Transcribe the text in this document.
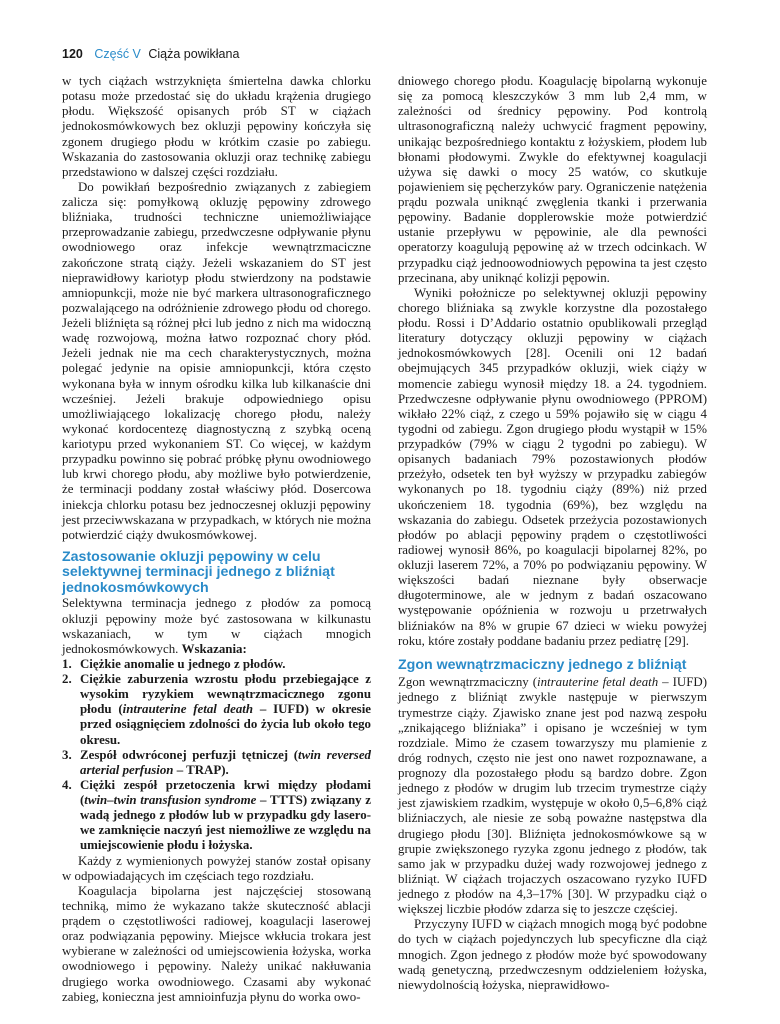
120 Część V Ciąża powikłana

w tych ciążach wstrzyknięta śmiertelna dawka chlorku potasu może przedostać się do układu krążenia drugiego płodu. Większość opisanych prób ST w ciążach jednokosmówkowych bez okluzji pępowiny kończyła się zgonem drugiego płodu w krótkim czasie po zabiegu. Wskazania do zastosowania okluzji oraz technikę zabiegu przedstawiono w dalszej części rozdziału.

Do powikłań bezpośrednio związanych z zabiegiem zalicza się: pomyłkową okluzję pępowiny zdrowego bliźniaka, trudności techniczne uniemożliwiające przeprowadzanie zabiegu, przedwczesne odpływanie płynu owodniowego oraz infekcje wewnątrzmaciczne zakończone stratą ciąży. Jeżeli wskazaniem do ST jest nieprawidłowy kariotyp płodu stwierdzony na podstawie amniopunkcji, może nie być markera ultrasonograficznego pozwalającego na odróżnienie zdrowego płodu od chorego. Jeżeli bliźnięta są różnej płci lub jedno z nich ma widoczną wadę rozwojową, można łatwo rozpoznać chory płód. Jeżeli jednak nie ma cech charakterystycznych, można polegać jedynie na opisie amniopunkcji, która często wykonana była w innym ośrodku kilka lub kilkanaście dni wcześniej. Jeżeli brakuje odpowiedniego opisu umożliwiającego lokalizację chorego płodu, należy wykonać kordocentezę diagnostyczną z szybką oceną kariotypu przed wykonaniem ST. Co więcej, w każdym przypadku powinno się pobrać próbkę płynu owodniowego lub krwi chorego płodu, aby możliwe było potwierdzenie, że terminacji poddany został właściwy płód. Dosercowa iniekcja chlorku potasu bez jednoczesnej okluzji pępowiny jest przeciwwskazana w przypadkach, w których nie można potwierdzić ciąży dwukosmówkowej.

Zastosowanie okluzji pępowiny w celu selektywnej terminacji jednego z bliźniąt jednokosmówkowych

Selektywna terminacja jednego z płodów za pomocą okluzji pępowiny może być zastosowana w kilkunastu wskazaniach, w tym w ciążach mnogich jednokosmówkowych. Wskazania:

1. Ciężkie anomalie u jednego z płodów.
2. Ciężkie zaburzenia wzrostu płodu przebiegające z wysokim ryzykiem wewnątrzmacicznego zgonu płodu (intrauterine fetal death – IUFD) w okresie przed osiągnięciem zdolności do życia lub około tego okresu.
3. Zespół odwróconej perfuzji tętniczej (twin reversed arterial perfusion – TRAP).
4. Ciężki zespół przetoczenia krwi między płodami (twin–twin transfusion syndrome – TTTS) związany z wadą jednego z płodów lub w przypadku gdy laserowe zamknięcie naczyń jest niemożliwe ze względu na umiejscowienie płodu i łożyska.

Każdy z wymienionych powyżej stanów został opisany w odpowiadających im częściach tego rozdziału.

Koagulacja bipolarna jest najczęściej stosowaną techniką, mimo że wykazano także skuteczność ablacji prądem o częstotliwości radiowej, koagulacji laserowej oraz podwiązania pępowiny. Miejsce wkłucia trokara jest wybierane w zależności od umiejscowienia łożyska, worka owodniowego i pępowiny. Należy unikać nakłuwania drugiego worka owodniowego. Czasami aby wykonać zabieg, konieczna jest amnioinfuzja płynu do worka owo-

dniowego chorego płodu. Koagulację bipolarną wykonuje się za pomocą kleszczyków 3 mm lub 2,4 mm, w zależności od średnicy pępowiny. Pod kontrolą ultrasonograficzną należy uchwycić fragment pępowiny, unikając bezpośredniego kontaktu z łożyskiem, płodem lub błonami płodowymi. Zwykle do efektywnej koagulacji używa się dawki o mocy 25 watów, co skutkuje pojawieniem się pęcherzyków pary. Ograniczenie natężenia prądu pozwala uniknąć zwęglenia tkanki i przerwania pępowiny. Badanie dopplerowskie może potwierdzić ustanie przepływu w pępowinie, ale dla pewności operatorzy koagulują pępowinę aż w trzech odcinkach. W przypadku ciąż jednoowodniowych pępowina ta jest często przecinana, aby uniknąć kolizji pępowin.

Wyniki położnicze po selektywnej okluzji pępowiny chorego bliźniaka są zwykle korzystne dla pozostałego płodu. Rossi i D’Addario ostatnio opublikowali przegląd literatury dotyczący okluzji pępowiny w ciążach jednokosmówkowych [28]. Ocenili oni 12 badań obejmujących 345 przypadków okluzji, wiek ciąży w momencie zabiegu wynosił między 18. a 24. tygodniem. Przedwczesne odpływanie płynu owodniowego (PPROM) wikłało 22% ciąż, z czego u 59% pojawiło się w ciągu 4 tygodni od zabiegu. Zgon drugiego płodu wystąpił w 15% przypadków (79% w ciągu 2 tygodni po zabiegu). W opisanych badaniach 79% pozostawionych płodów przeżyło, odsetek ten był wyższy w przypadku zabiegów wykonanych po 18. tygodniu ciąży (89%) niż przed ukończeniem 18. tygodnia (69%), bez względu na wskazania do zabiegu. Odsetek przeżycia pozostawionych płodów po ablacji pępowiny prądem o częstotliwości radiowej wynosił 86%, po koagulacji bipolarnej 82%, po okluzji laserem 72%, a 70% po podwiązaniu pępowiny. W większości badań nieznane były obserwacje długoterminowe, ale w jednym z badań oszacowano występowanie opóźnienia w rozwoju u przetrwałych bliźniaków na 8% w grupie 67 dzieci w wieku powyżej roku, które zostały poddane badaniu przez pediatrę [29].

Zgon wewnątrzmaciczny jednego z bliźniąt

Zgon wewnątrzmaciczny (intrauterine fetal death – IUFD) jednego z bliźniąt zwykle następuje w pierwszym trymestrze ciąży. Zjawisko znane jest pod nazwą zespołu „znikającego bliźniaka” i opisano je wcześniej w tym rozdziale. Mimo że czasem towarzyszy mu plamienie z dróg rodnych, często nie jest ono nawet rozpoznawane, a prognozy dla pozostałego płodu są bardzo dobre. Zgon jednego z płodów w drugim lub trzecim trymestrze ciąży jest zjawiskiem rzadkim, występuje w około 0,5–6,8% ciąż bliźniaczych, ale niesie ze sobą poważne następstwa dla drugiego płodu [30]. Bliźnięta jednokosmówkowe są w grupie zwiększonego ryzyka zgonu jednego z płodów, tak samo jak w przypadku dużej wady rozwojowej jednego z bliźniąt. W ciążach trojaczych oszacowano ryzyko IUFD jednego z płodów na 4,3–17% [30]. W przypadku ciąż o większej liczbie płodów zdarza się to jeszcze częściej.

Przyczyny IUFD w ciążach mnogich mogą być podobne do tych w ciążach pojedynczych lub specyficzne dla ciąż mnogich. Zgon jednego z płodów może być spowodowany wadą genetyczną, przedwczesnym oddzieleniem łożyska, niewydolnością łożyska, nieprawidłowo-
